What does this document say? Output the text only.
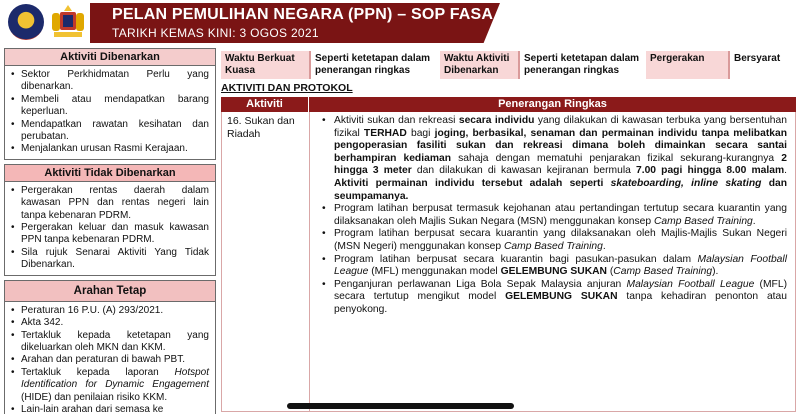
PELAN PEMULIHAN NEGARA (PPN) – SOP FASA 1
TARIKH KEMAS KINI: 3 OGOS 2021
Aktiviti Dibenarkan
• Sektor Perkhidmatan Perlu yang dibenarkan.
• Membeli atau mendapatkan barang keperluan.
• Mendapatkan rawatan kesihatan dan perubatan.
• Menjalankan urusan Rasmi Kerajaan.
Aktiviti Tidak Dibenarkan
• Pergerakan rentas daerah dalam kawasan PPN dan rentas negeri lain tanpa kebenaran PDRM.
• Pergerakan keluar dan masuk kawasan PPN tanpa kebenaran PDRM.
• Sila rujuk Senarai Aktiviti Yang Tidak Dibenarkan.
Arahan Tetap
• Peraturan 16 P.U. (A) 293/2021.
• Akta 342.
• Tertakluk kepada ketetapan yang dikeluarkan oleh MKN dan KKM.
• Arahan dan peraturan di bawah PBT.
• Tertakluk kepada laporan Hotspot Identification for Dynamic Engagement (HIDE) dan penilaian risiko KKM.
• Lain-lain arahan dari semasa ke
Waktu Berkuat Kuasa
Seperti ketetapan dalam penerangan ringkas
Waktu Aktiviti Dibenarkan
Seperti ketetapan dalam penerangan ringkas
Pergerakan	Bersyarat
AKTIVITI DAN PROTOKOL
Aktiviti	Penerangan Ringkas
16. Sukan dan Riadah
• Aktiviti sukan dan rekreasi secara individu yang dilakukan di kawasan terbuka yang bersentuhan fizikal TERHAD bagi joging, berbasikal, senaman dan permainan individu tanpa melibatkan pengoperasian fasiliti sukan dan rekreasi dimana boleh dimainkan secara santai berhampiran kediaman sahaja dengan mematuhi penjarakan fizikal sekurang-kurangnya 2 hingga 3 meter dan dilakukan di kawasan kejiranan bermula 7.00 pagi hingga 8.00 malam. Aktiviti permainan individu tersebut adalah seperti skateboarding, inline skating dan seumpamanya.
• Program latihan berpusat termasuk kejohanan atau pertandingan tertutup secara kuarantin yang dilaksanakan oleh Majlis Sukan Negara (MSN) menggunakan konsep Camp Based Training.
• Program latihan berpusat secara kuarantin yang dilaksanakan oleh Majlis-Majlis Sukan Negeri (MSN Negeri) menggunakan konsep Camp Based Training.
• Program latihan berpusat secara kuarantin bagi pasukan-pasukan dalam Malaysian Football League (MFL) menggunakan model GELEMBUNG SUKAN (Camp Based Training).
• Penganjuran perlawanan Liga Bola Sepak Malaysia anjuran Malaysian Football League (MFL) secara tertutup mengikut model GELEMBUNG SUKAN tanpa kehadiran penonton atau penyokong.
